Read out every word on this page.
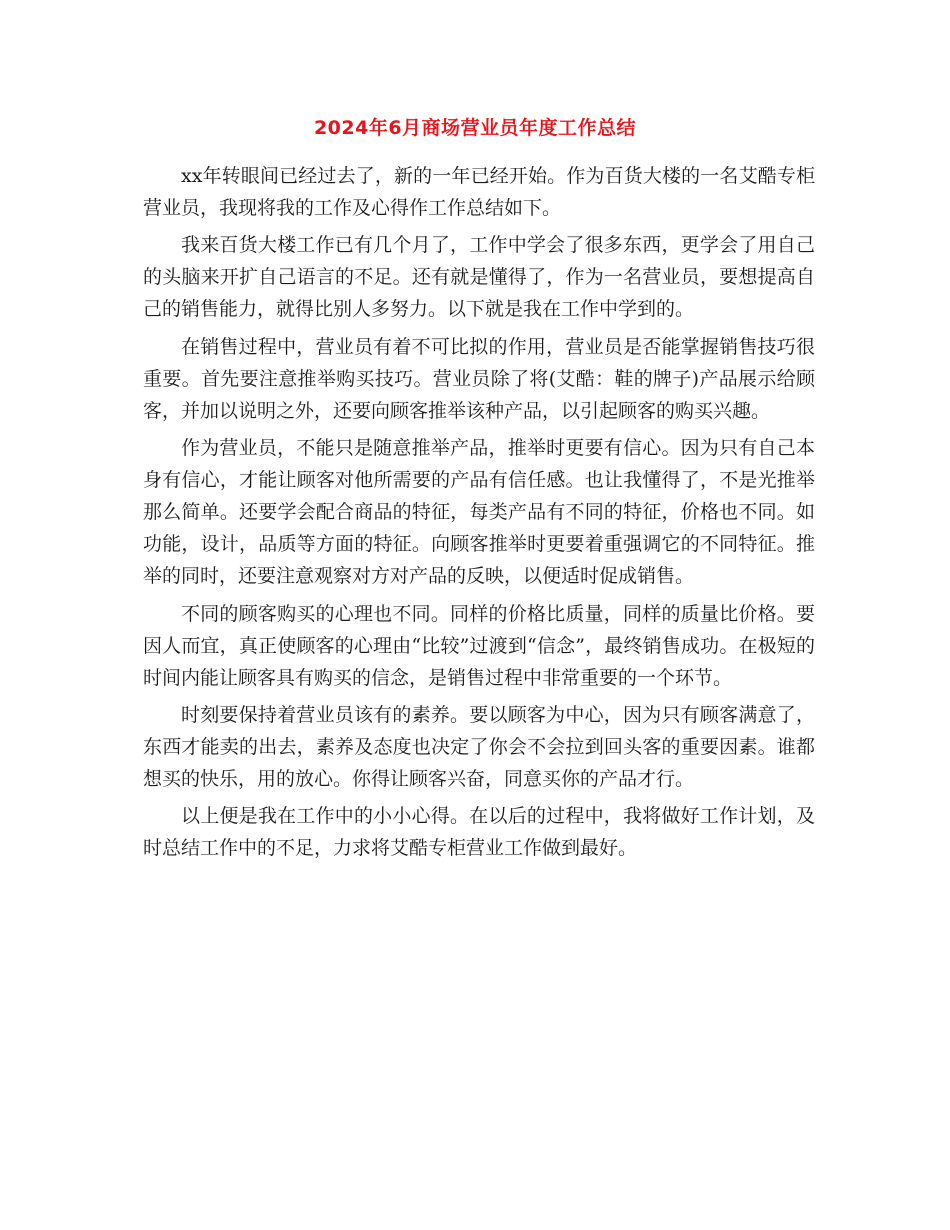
2024年6月商场营业员年度工作总结

xx年转眼间已经过去了，新的一年已经开始。作为百货大楼的一名艾酷专柜营业员，我现将我的工作及心得作工作总结如下。

我来百货大楼工作已有几个月了，工作中学会了很多东西，更学会了用自己的头脑来开扩自己语言的不足。还有就是懂得了，作为一名营业员，要想提高自己的销售能力，就得比别人多努力。以下就是我在工作中学到的。

在销售过程中，营业员有着不可比拟的作用，营业员是否能掌握销售技巧很重要。首先要注意推举购买技巧。营业员除了将(艾酷：鞋的牌子)产品展示给顾客，并加以说明之外，还要向顾客推举该种产品，以引起顾客的购买兴趣。

作为营业员，不能只是随意推举产品，推举时更要有信心。因为只有自己本身有信心，才能让顾客对他所需要的产品有信任感。也让我懂得了，不是光推举那么简单。还要学会配合商品的特征，每类产品有不同的特征，价格也不同。如功能，设计，品质等方面的特征。向顾客推举时更要着重强调它的不同特征。推举的同时，还要注意观察对方对产品的反映，以便适时促成销售。

不同的顾客购买的心理也不同。同样的价格比质量，同样的质量比价格。要因人而宜，真正使顾客的心理由“比较”过渡到“信念”，最终销售成功。在极短的时间内能让顾客具有购买的信念，是销售过程中非常重要的一个环节。

时刻要保持着营业员该有的素养。要以顾客为中心，因为只有顾客满意了，东西才能卖的出去，素养及态度也决定了你会不会拉到回头客的重要因素。谁都想买的快乐，用的放心。你得让顾客兴奋，同意买你的产品才行。

以上便是我在工作中的小小心得。在以后的过程中，我将做好工作计划，及时总结工作中的不足，力求将艾酷专柜营业工作做到最好。
